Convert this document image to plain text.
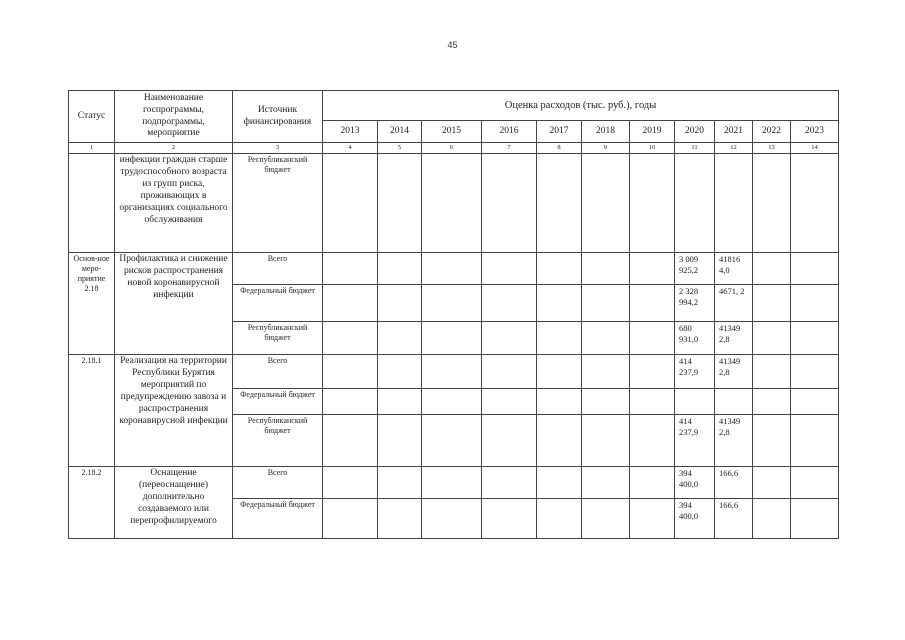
45
Статус	Наименование госпрограммы, подпрограммы, мероприятие	Источник финансирования	Оценка расходов (тыс. руб.), годы										
			2013	2014	2015	2016	2017	2018	2019	2020	2021	2022	2023
1	2	3	4	5	6	7	8	9	10	11	12	13	14
	инфекции граждан старше трудоспособного возраста из групп риска, проживающих в организациях социального обслуживания	Республиканский бюджет											
Основ-ное меро-приятие 2.18	Профилактика и снижение рисков распространения новой коронавирусной инфекции	Всего								3 009 925,2	41816 4,0		
		Федеральный бюджет								2 328 994,2	4671, 2		
		Республиканский бюджет								680 931,0	41349 2,8		
2.18.1	Реализация на территории Республики Бурятия мероприятий по предупреждению завоза и распространения коронавирусной инфекции	Всего								414 237,9	41349 2,8		
		Федеральный бюджет											
		Республиканский бюджет								414 237,9	41349 2,8		
2.18.2	Оснащение (переоснащение) дополнительно создаваемого или перепрофилируемого	Всего								394 400,0	166,6		
		Федеральный бюджет								394 400,0	166,6		
